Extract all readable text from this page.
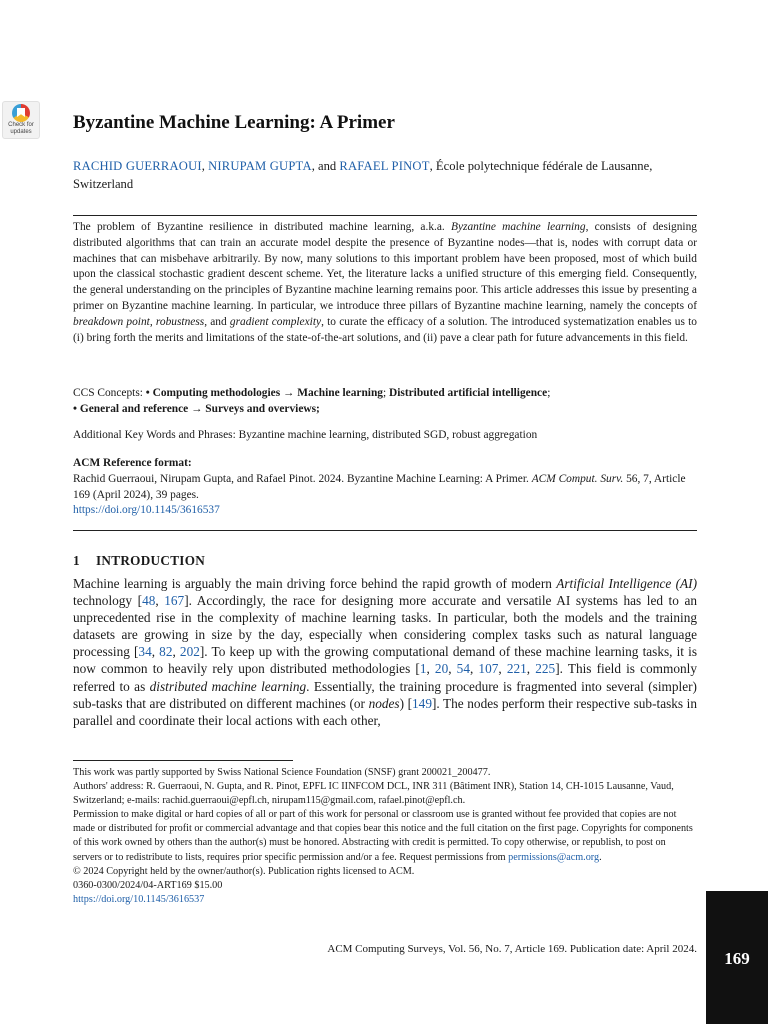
Check for
updates	Byzantine Machine Learning: A Primer
RACHID GUERRAOUI, NIRUPAM GUPTA, and RAFAEL PINOT, École polytechnique fédérale de Lausanne, Switzerland
The problem of Byzantine resilience in distributed machine learning, a.k.a. Byzantine machine learning, consists of designing distributed algorithms that can train an accurate model despite the presence of Byzantine nodes—that is, nodes with corrupt data or machines that can misbehave arbitrarily. By now, many solutions to this important problem have been proposed, most of which build upon the classical stochastic gradient descent scheme. Yet, the literature lacks a unified structure of this emerging field. Consequently, the general understanding on the principles of Byzantine machine learning remains poor. This article addresses this issue by presenting a primer on Byzantine machine learning. In particular, we introduce three pillars of Byzantine machine learning, namely the concepts of breakdown point, robustness, and gradient complexity, to curate the efficacy of a solution. The introduced systematization enables us to (i) bring forth the merits and limitations of the state-of-the-art solutions, and (ii) pave a clear path for future advancements in this field.
CCS Concepts: • Computing methodologies → Machine learning; Distributed artificial intelligence;
• General and reference → Surveys and overviews;
Additional Key Words and Phrases: Byzantine machine learning, distributed SGD, robust aggregation
ACM Reference format:
Rachid Guerraoui, Nirupam Gupta, and Rafael Pinot. 2024. Byzantine Machine Learning: A Primer. ACM Comput. Surv. 56, 7, Article 169 (April 2024), 39 pages.
https://doi.org/10.1145/3616537
1 INTRODUCTION

Machine learning is arguably the main driving force behind the rapid growth of modern Artificial Intelligence (AI) technology [48, 167]. Accordingly, the race for designing more accurate and versatile AI systems has led to an unprecedented rise in the complexity of machine learning tasks. In particular, both the models and the training datasets are growing in size by the day, especially when considering complex tasks such as natural language processing [34, 82, 202]. To keep up with the growing computational demand of these machine learning tasks, it is now common to heavily rely upon distributed methodologies [1, 20, 54, 107, 221, 225]. This field is commonly referred to as distributed machine learning. Essentially, the training procedure is fragmented into several (simpler) sub-tasks that are distributed on different machines (or nodes) [149]. The nodes perform their respective sub-tasks in parallel and coordinate their local actions with each other,

This work was partly supported by Swiss National Science Foundation (SNSF) grant 200021_200477.

Authors' address: R. Guerraoui, N. Gupta, and R. Pinot, EPFL IC IINFCOM DCL, INR 311 (Bâtiment INR), Station 14, CH-1015 Lausanne, Vaud, Switzerland; e-mails: rachid.guerraoui@epfl.ch, nirupam115@gmail.com, rafael.pinot@epfl.ch.

Permission to make digital or hard copies of all or part of this work for personal or classroom use is granted without fee provided that copies are not made or distributed for profit or commercial advantage and that copies bear this notice and the full citation on the first page. Copyrights for components of this work owned by others than the author(s) must be honored. Abstracting with credit is permitted. To copy otherwise, or republish, to post on servers or to redistribute to lists, requires prior specific permission and/or a fee. Request permissions from permissions@acm.org.

© 2024 Copyright held by the owner/author(s). Publication rights licensed to ACM.

0360-0300/2024/04-ART169 $15.00

https://doi.org/10.1145/3616537

ACM Computing Surveys, Vol. 56, No. 7, Article 169. Publication date: April 2024.	169
